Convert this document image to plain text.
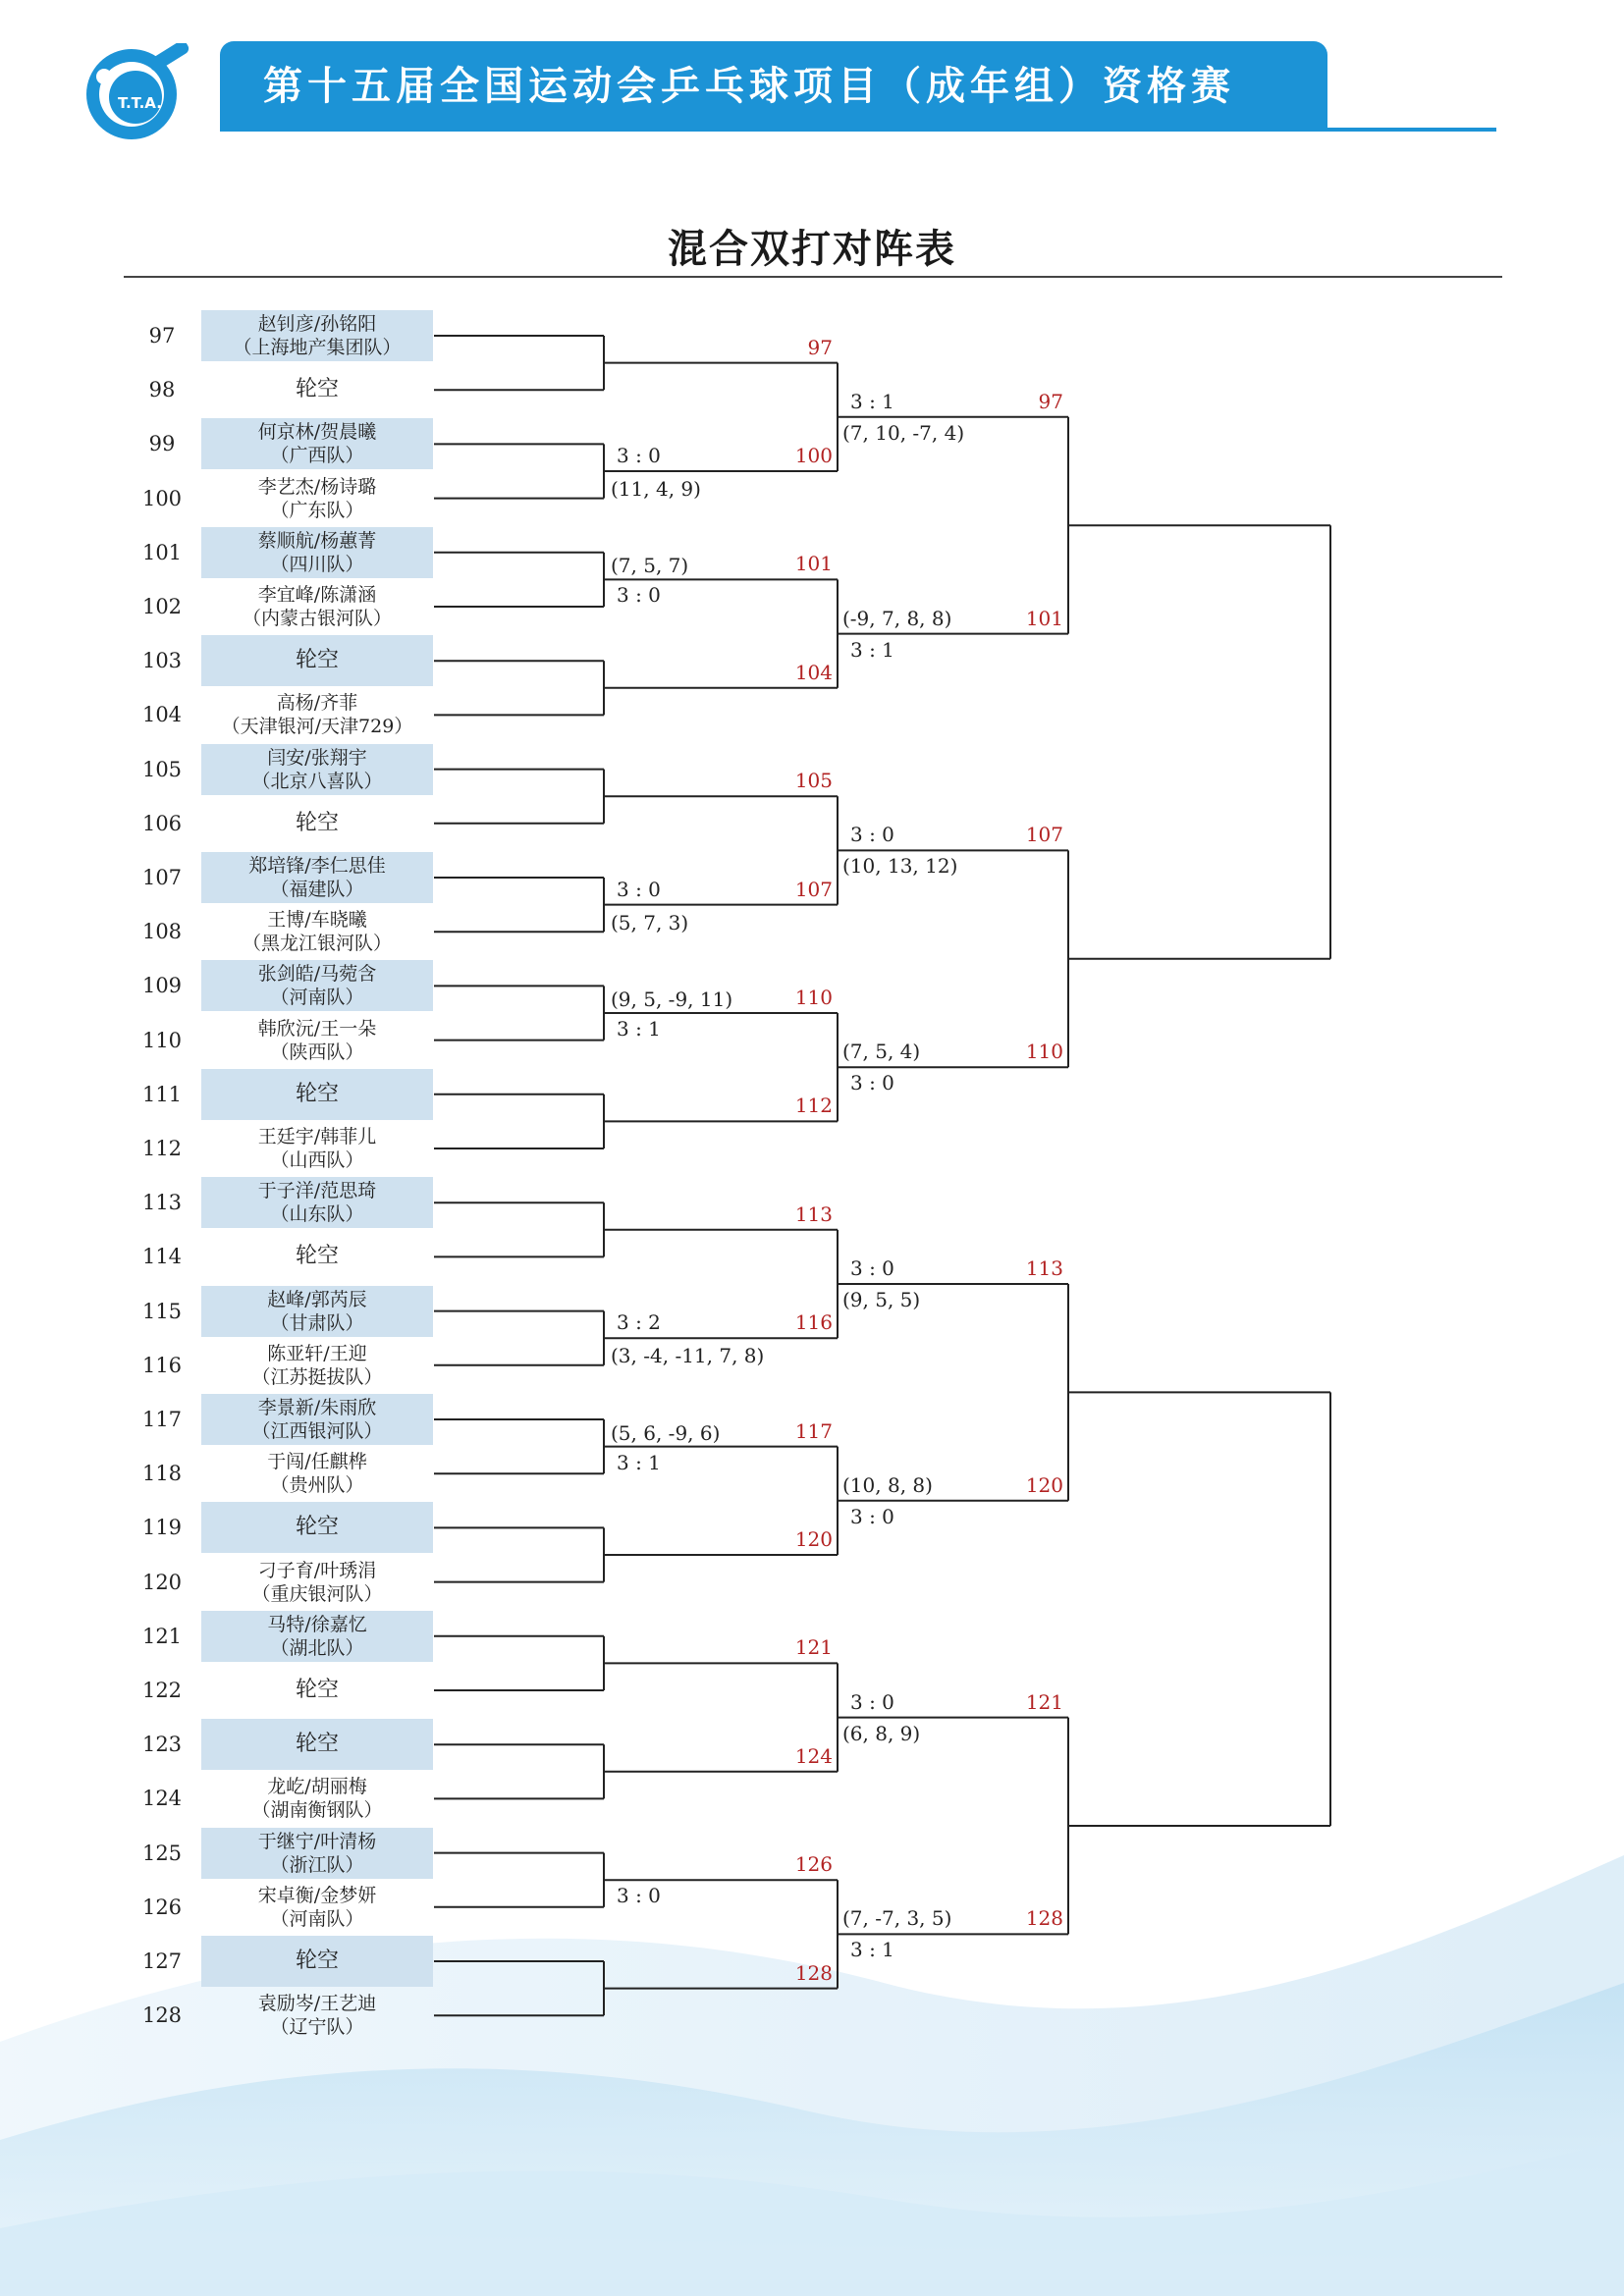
T.T.A.	第十五届全国运动会乒乓球项目（成年组）资格赛
混合双打对阵表
97	赵钊彦/孙铭阳
（上海地产集团队）
98	轮空
99	何京林/贺晨曦
（广西队）
100	李艺杰/杨诗璐
（广东队）
101	蔡顺航/杨蕙菁
（四川队）
102	李宜峰/陈潇涵
（内蒙古银河队）
103	轮空
104	高杨/齐菲
（天津银河/天津729）
105	闫安/张翔宇
（北京八喜队）
106	轮空
107	郑培锋/李仁思佳
（福建队）
108	王博/车晓曦
（黑龙江银河队）
109	张剑皓/马菀含
（河南队）
110	韩欣沅/王一朵
（陕西队）
111	轮空
112	王廷宇/韩菲儿
（山西队）
113	于子洋/范思琦
（山东队）
114	轮空
115	赵峰/郭芮辰
（甘肃队）
116	陈亚轩/王迎
（江苏挺拔队）
117	李景新/朱雨欣
（江西银河队）
118	于闯/任麒桦
（贵州队）
119	轮空
120	刁子育/叶琇涓
（重庆银河队）
121	马特/徐嘉忆
（湖北队）
122	轮空
123	轮空
124	龙屹/胡丽梅
（湖南衡钢队）
125	于继宁/叶清杨
（浙江队）
126	宋卓衡/金梦妍
（河南队）
127	轮空
128	袁励岑/王艺迪
（辽宁队）
97
100
3 : 0
(11, 4, 9)
101
3 : 0
(7, 5, 7)
104
105
107
3 : 0
(5, 7, 3)
110
3 : 1
(9, 5, -9, 11)
112
113
116
3 : 2
(3, -4, -11, 7, 8)
117
3 : 1
(5, 6, -9, 6)
120
121
124
126
3 : 0
128
97
3 : 1
(7, 10, -7, 4)
101
(-9, 7, 8, 8)
3 : 1
107
3 : 0
(10, 13, 12)
110
(7, 5, 4)
3 : 0
113
3 : 0
(9, 5, 5)
120
(10, 8, 8)
3 : 0
121
3 : 0
(6, 8, 9)
128
(7, -7, 3, 5)
3 : 1
